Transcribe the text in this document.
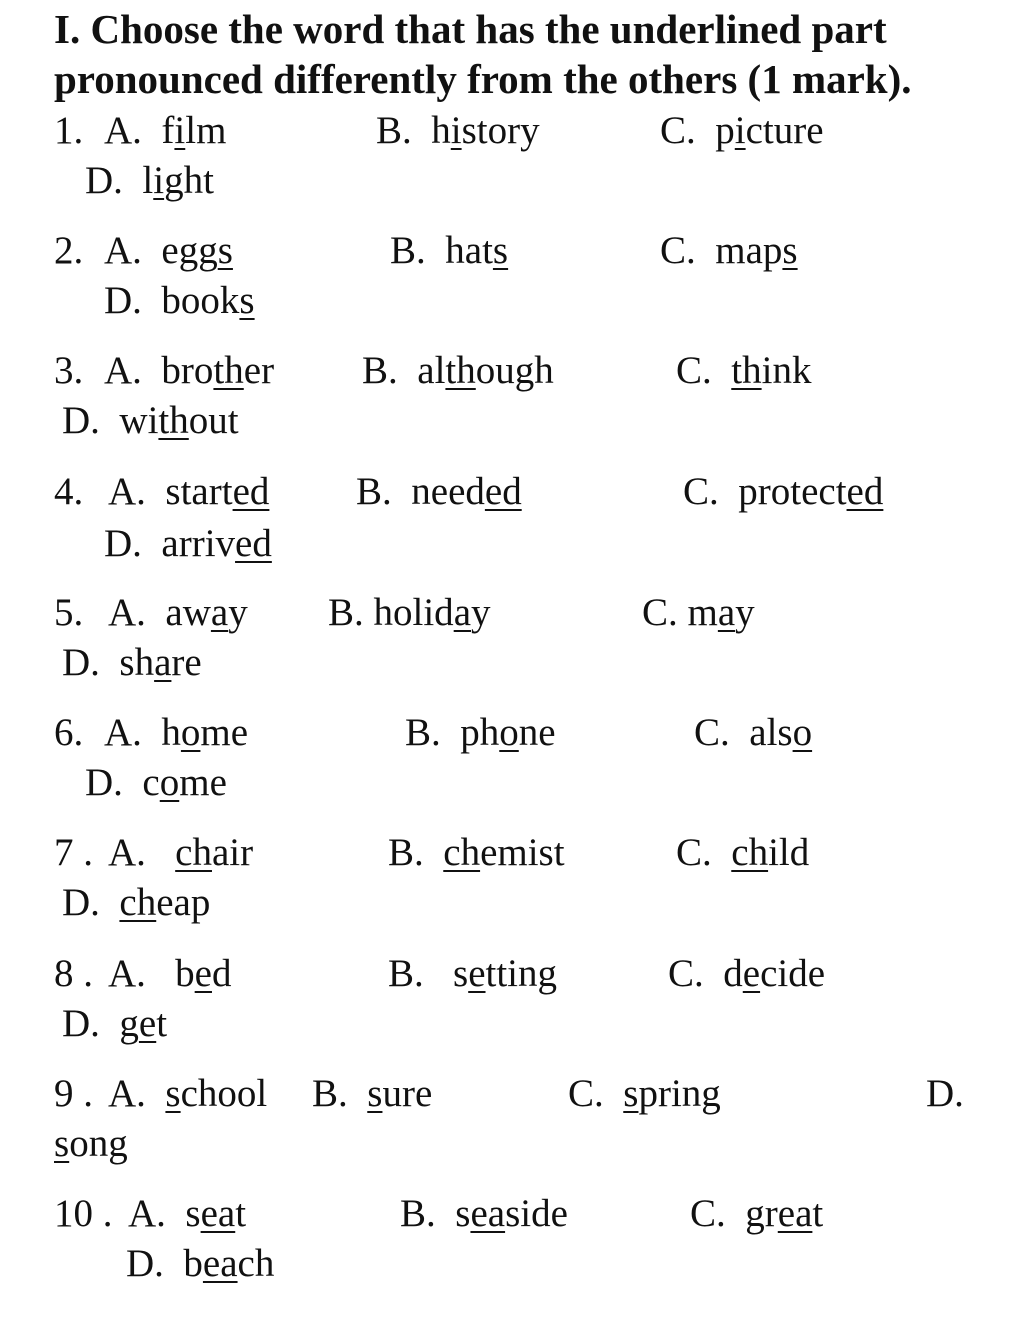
I. Choose the word that has the underlined part
pronounced differently from the others (1 mark).
1. A. film	B. history	C. picture
D. light
2. A. eggs	B. hats	C. maps
D. books
3. A. brother B. although	C. think
D. without
4. A. started B. needed	C. protected
D. arrived
5. A. away B. holiday	C. may
D. share
6. A. home	B. phone	C. also
D. come
7 . A. chair	B. chemist	C. child
D. cheap
8 . A. bed	B. setting	C. decide
D. get
9 . A. school B. sure	C. spring	D.
song
10 . A. seat	B. seaside	C. great
D. beach
